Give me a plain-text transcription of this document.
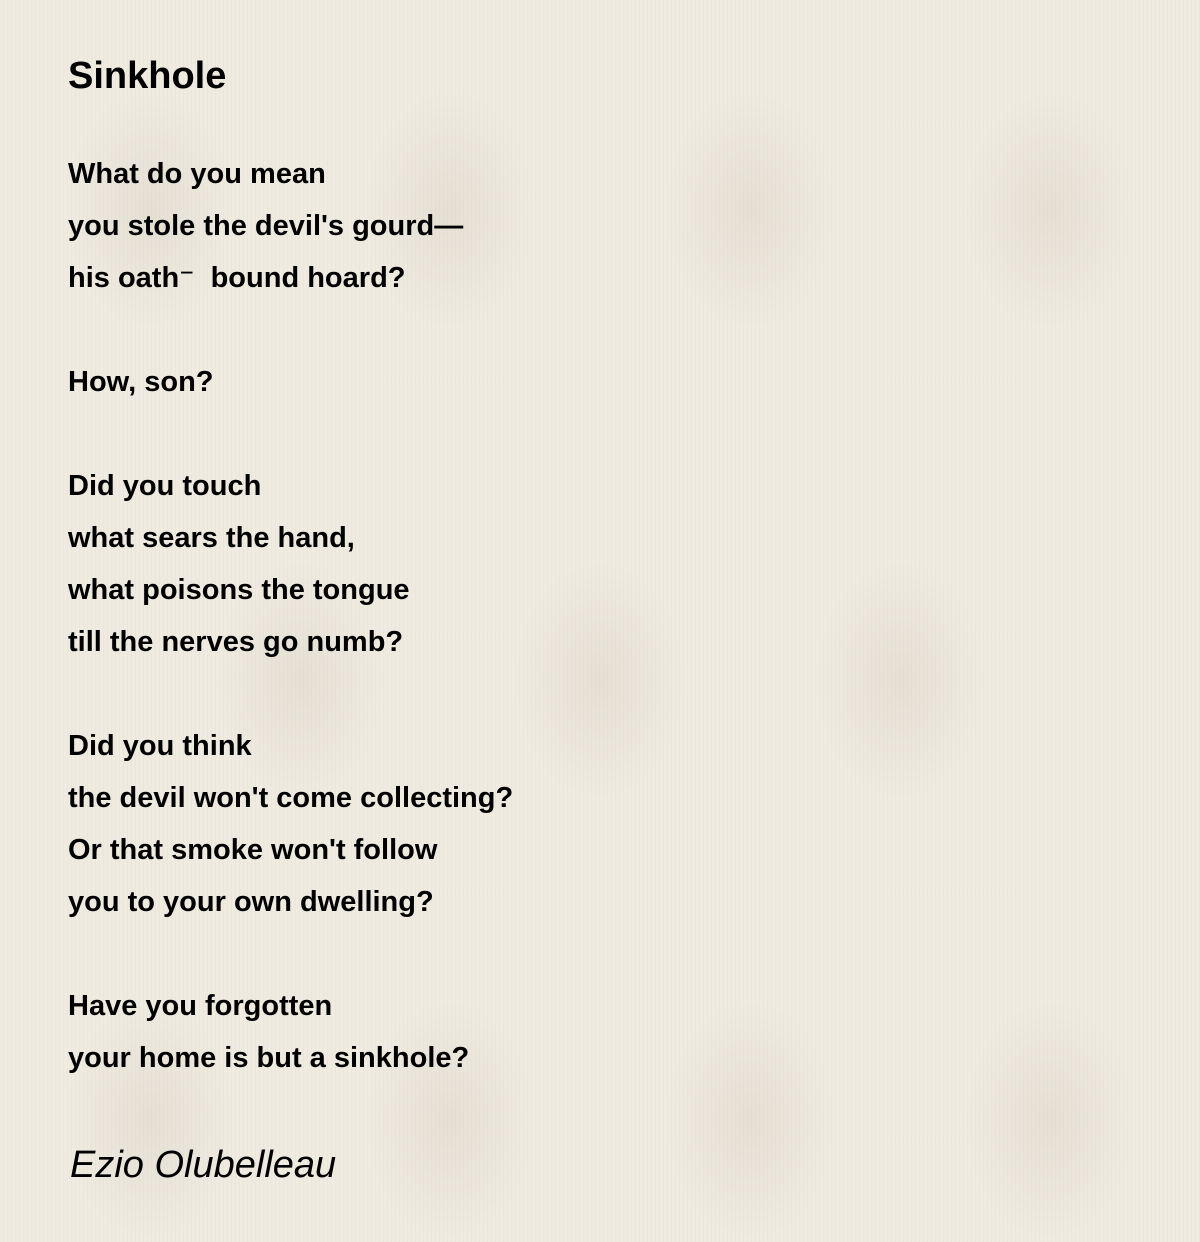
Sinkhole
What do you mean
you stole the devil's gourd—
his oath⁻  bound hoard?
How, son?
Did you touch
what sears the hand,
what poisons the tongue
till the nerves go numb?
Did you think
the devil won't come collecting?
Or that smoke won't follow
you to your own dwelling?
Have you forgotten
your home is but a sinkhole?
Ezio Olubelleau
